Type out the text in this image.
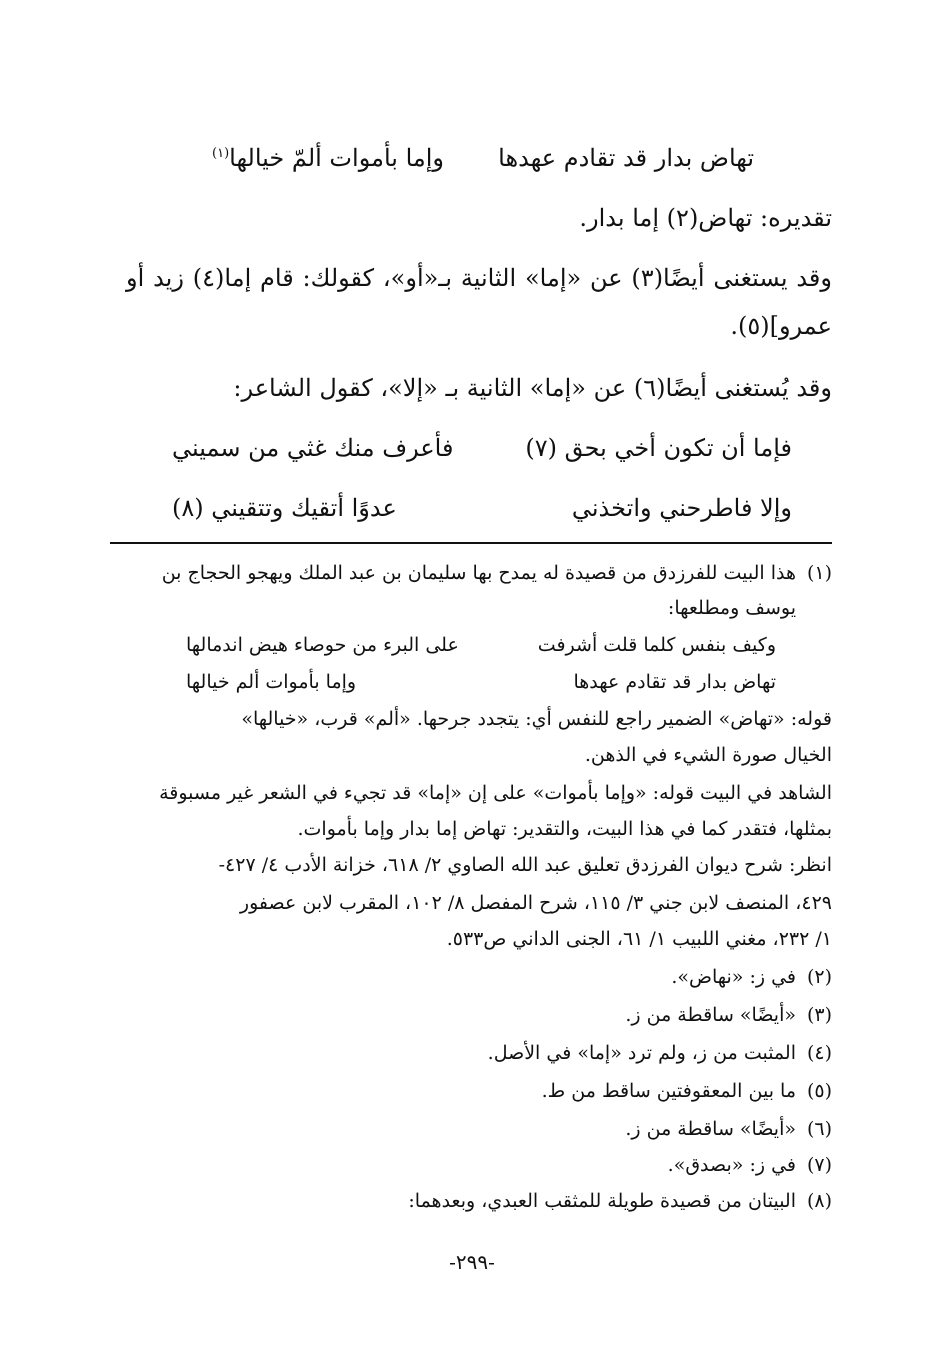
تهاض بدار قد تقادم عهدها
وإما بأموات ألمّ خيالها$^{(١)}$
تقديره: تهاض(٢) إما بدار.
وقد يستغنى أيضًا(٣) عن «إما» الثانية بـ«أو»، كقولك: قام إما(٤) زيد أو
عمرو](٥).
وقد يُستغنى أيضًا(٦) عن «إما» الثانية بـ «إلا»، كقول الشاعر:
فإما أن تكون أخي بحق (٧)
فأعرف منك غثي من سميني
وإلا فاطرحني واتخذني
عدوًا أتقيك وتتقيني (٨)
(١)هذا البيت للفرزدق من قصيدة له يمدح بها سليمان بن عبد الملك ويهجو الحجاج بن
يوسف ومطلعها:
وكيف بنفس كلما قلت أشرفت
على البرء من حوصاء هيض اندمالها
تهاض بدار قد تقادم عهدها
وإما بأموات ألم خيالها
قوله: «تهاض» الضمير راجع للنفس أي: يتجدد جرحها. «ألم» قرب، «خيالها»
الخيال صورة الشيء في الذهن.
الشاهد في البيت قوله: «وإما بأموات» على إن «إما» قد تجيء في الشعر غير مسبوقة
بمثلها، فتقدر كما في هذا البيت، والتقدير: تهاض إما بدار وإما بأموات.
انظر: شرح ديوان الفرزدق تعليق عبد الله الصاوي ٢/ ٦١٨، خزانة الأدب ٤/ ٤٢٧-
٤٢٩، المنصف لابن جني ٣/ ١١٥، شرح المفصل ٨/ ١٠٢، المقرب لابن عصفور
١/ ٢٣٢، مغني اللبيب ١/ ٦١، الجنى الداني ص٥٣٣.
(٢)في ز: «نهاض».
(٣)«أيضًا» ساقطة من ز.
(٤)المثبت من ز، ولم ترد «إما» في الأصل.
(٥)ما بين المعقوفتين ساقط من ط.
(٦)«أيضًا» ساقطة من ز.
(٧)في ز: «بصدق».
(٨)البيتان من قصيدة طويلة للمثقب العبدي، وبعدهما:
-٢٩٩-
